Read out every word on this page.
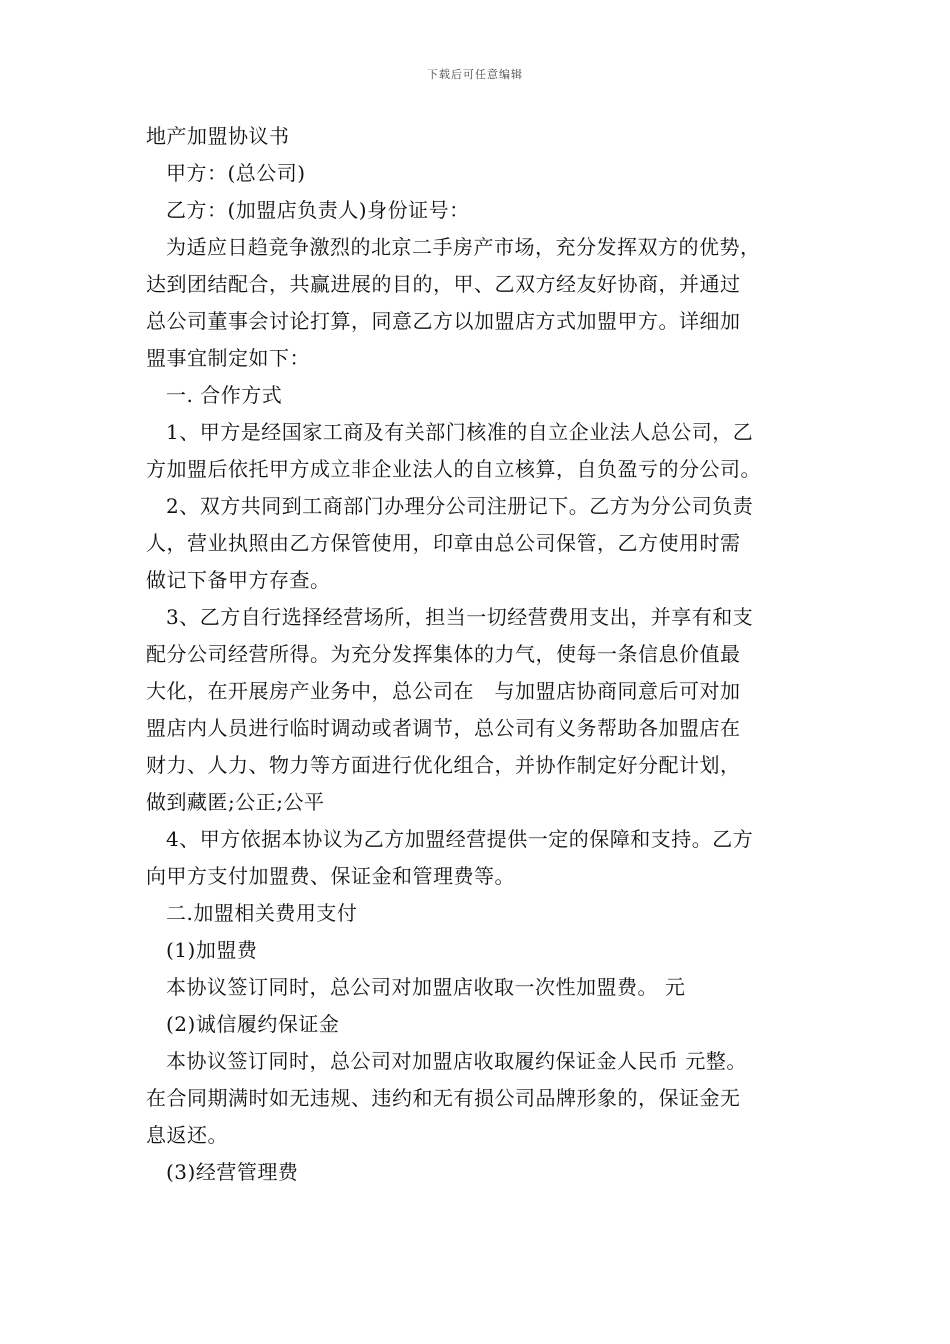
下载后可任意编辑
地产加盟协议书
甲方：(总公司)
乙方：(加盟店负责人)身份证号：
为适应日趋竞争激烈的北京二手房产市场，充分发挥双方的优势，
达到团结配合，共赢进展的目的，甲、乙双方经友好协商，并通过
总公司董事会讨论打算，同意乙方以加盟店方式加盟甲方。详细加
盟事宜制定如下：
一. 合作方式
1、甲方是经国家工商及有关部门核准的自立企业法人总公司，乙
方加盟后依托甲方成立非企业法人的自立核算，自负盈亏的分公司。
2、双方共同到工商部门办理分公司注册记下。乙方为分公司负责
人，营业执照由乙方保管使用，印章由总公司保管，乙方使用时需
做记下备甲方存查。
3、乙方自行选择经营场所，担当一切经营费用支出，并享有和支
配分公司经营所得。为充分发挥集体的力气，使每一条信息价值最
大化，在开展房产业务中，总公司在　与加盟店协商同意后可对加
盟店内人员进行临时调动或者调节，总公司有义务帮助各加盟店在
财力、人力、物力等方面进行优化组合，并协作制定好分配计划，
做到藏匿;公正;公平
4、甲方依据本协议为乙方加盟经营提供一定的保障和支持。乙方
向甲方支付加盟费、保证金和管理费等。
二.加盟相关费用支付
(1)加盟费
本协议签订同时，总公司对加盟店收取一次性加盟费。 元
(2)诚信履约保证金
本协议签订同时，总公司对加盟店收取履约保证金人民币 元整。
在合同期满时如无违规、违约和无有损公司品牌形象的，保证金无
息返还。
(3)经营管理费
